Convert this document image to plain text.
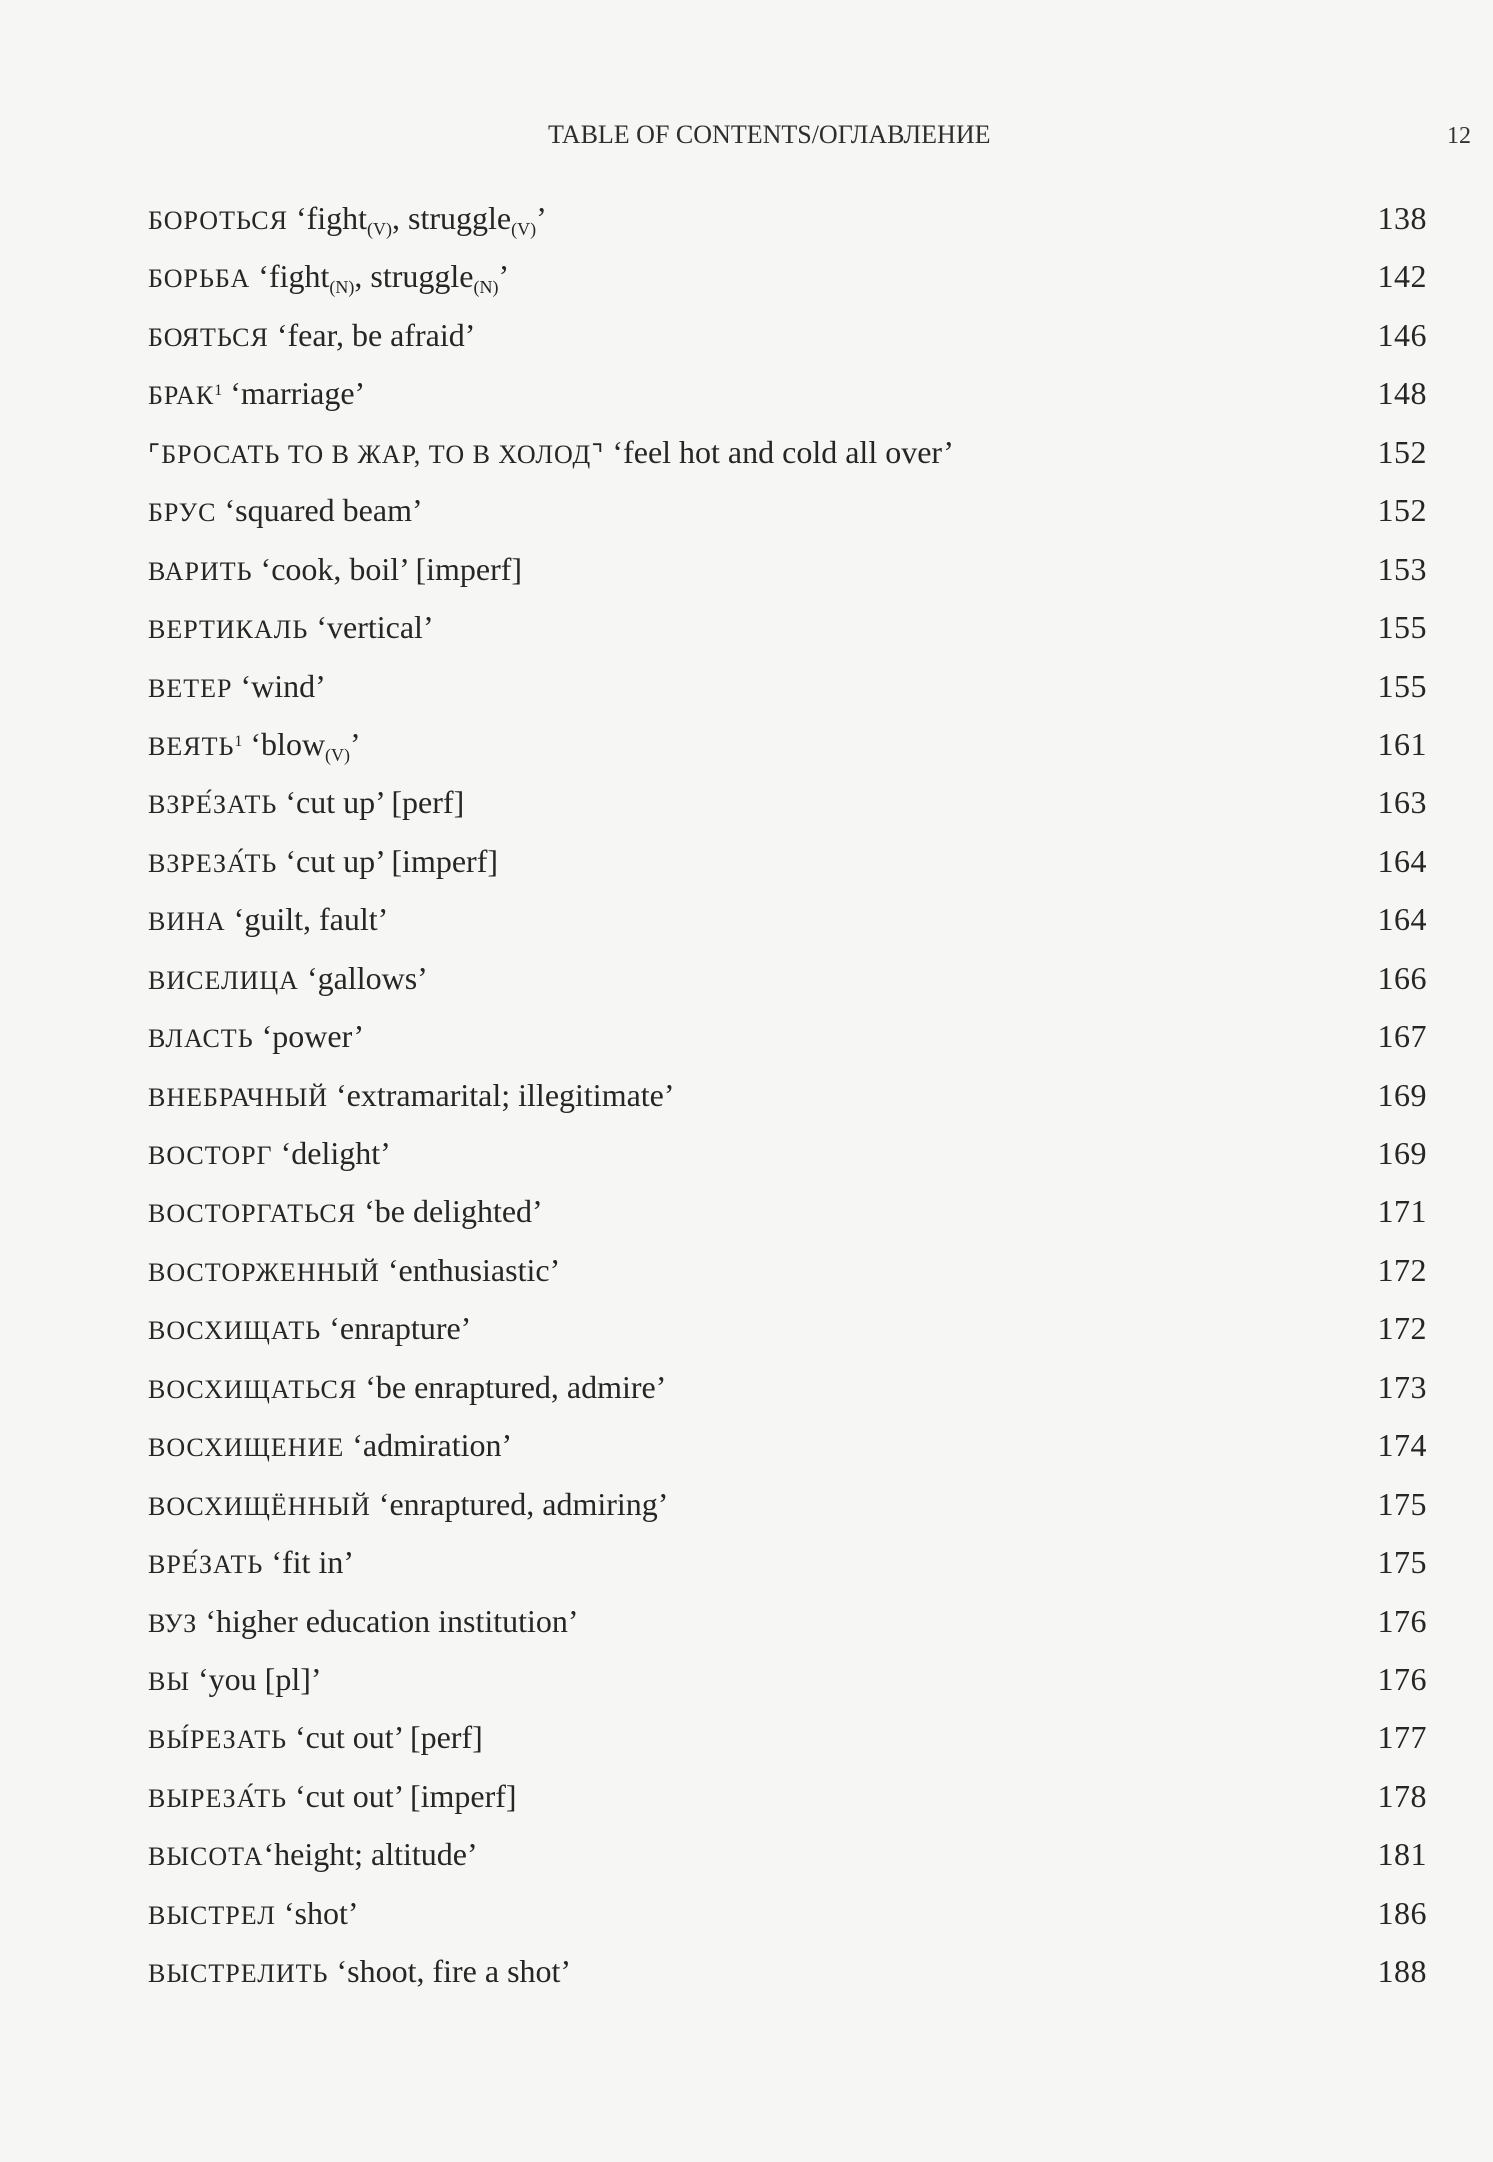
TABLE OF CONTENTS/ОГЛАВЛЕНИЕ	12
БОРОТЬСЯ ‘fight(V), struggle(V)’	138
БОРЬБА ‘fight(N), struggle(N)’	142
БОЯТЬСЯ ‘fear, be afraid’	146
БРАК$^1$ ‘marriage’	148
⌜БРОСАТЬ ТО В ЖАР, ТО В ХОЛОД⌝ ‘feel hot and cold all over’	152
БРУС ‘squared beam’	152
ВАРИТЬ ‘cook, boil’ [imperf]	153
ВЕРТИКАЛЬ ‘vertical’	155
ВЕТЕР ‘wind’	155
ВЕЯТЬ$^1$ ‘blow(V)’	161
ВЗРЕ́ЗАТЬ ‘cut up’ [perf]	163
ВЗРЕЗА́ТЬ ‘cut up’ [imperf]	164
ВИНА ‘guilt, fault’	164
ВИСЕЛИЦА ‘gallows’	166
ВЛАСТЬ ‘power’	167
ВНЕБРАЧНЫЙ ‘extramarital; illegitimate’	169
ВОСТОРГ ‘delight’	169
ВОСТОРГАТЬСЯ ‘be delighted’	171
ВОСТОРЖЕННЫЙ ‘enthusiastic’	172
ВОСХИЩАТЬ ‘enrapture’	172
ВОСХИЩАТЬСЯ ‘be enraptured, admire’	173
ВОСХИЩЕНИЕ ‘admiration’	174
ВОСХИЩЁННЫЙ ‘enraptured, admiring’	175
ВРЕ́ЗАТЬ ‘fit in’	175
ВУЗ ‘higher education institution’	176
ВЫ ‘you [pl]’	176
ВЫ́РЕЗАТЬ ‘cut out’ [perf]	177
ВЫРЕЗА́ТЬ ‘cut out’ [imperf]	178
ВЫСОТА‘height; altitude’	181
ВЫСТРЕЛ ‘shot’	186
ВЫСТРЕЛИТЬ ‘shoot, fire a shot’	188
